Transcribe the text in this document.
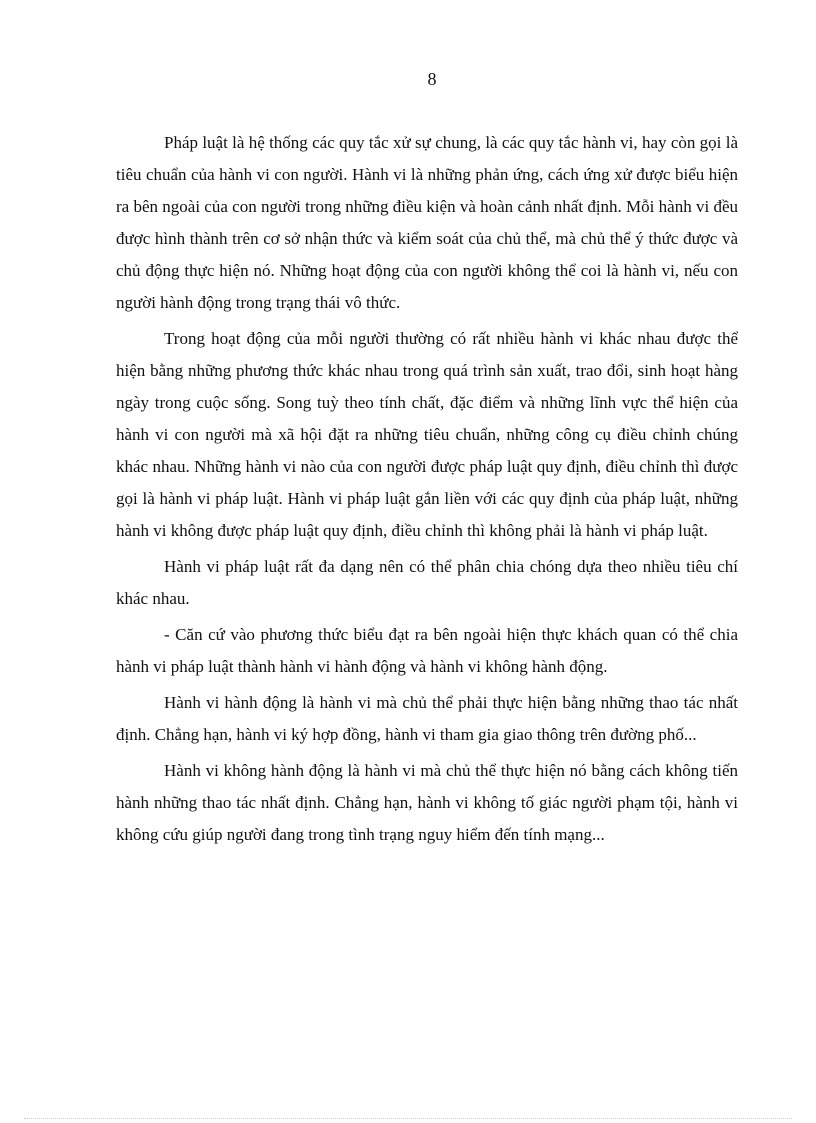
8

Pháp luật là hệ thống các quy tắc xử sự chung, là các quy tắc hành vi, hay còn gọi là tiêu chuẩn của hành vi con người. Hành vi là những phản ứng, cách ứng xử được biểu hiện ra bên ngoài của con người trong những điều kiện và hoàn cảnh nhất định. Mỗi hành vi đều được hình thành trên cơ sở nhận thức và kiểm soát của chủ thể, mà chủ thể ý thức được và chủ động thực hiện nó. Những hoạt động của con người không thể coi là hành vi, nếu con người hành động trong trạng thái vô thức.

Trong hoạt động của mỗi người thường có rất nhiều hành vi khác nhau được thể hiện bằng những phương thức khác nhau trong quá trình sản xuất, trao đổi, sinh hoạt hàng ngày trong cuộc sống. Song tuỳ theo tính chất, đặc điểm và những lĩnh vực thể hiện của hành vi con người mà xã hội đặt ra những tiêu chuẩn, những công cụ điều chỉnh chúng khác nhau. Những hành vi nào của con người được pháp luật quy định, điều chỉnh thì được gọi là hành vi pháp luật. Hành vi pháp luật gắn liền với các quy định của pháp luật, những hành vi không được pháp luật quy định, điều chỉnh thì không phải là hành vi pháp luật.

Hành vi pháp luật rất đa dạng nên có thể phân chia chóng dựa theo nhiều tiêu chí khác nhau.

- Căn cứ vào phương thức biểu đạt ra bên ngoài hiện thực khách quan có thể chia hành vi pháp luật thành hành vi hành động và hành vi không hành động.

Hành vi hành động là hành vi mà chủ thể phải thực hiện bằng những thao tác nhất định. Chẳng hạn, hành vi ký hợp đồng, hành vi tham gia giao thông trên đường phố...

Hành vi không hành động là hành vi mà chủ thể thực hiện nó bằng cách không tiến hành những thao tác nhất định. Chẳng hạn, hành vi không tố giác người phạm tội, hành vi không cứu giúp người đang trong tình trạng nguy hiểm đến tính mạng...
